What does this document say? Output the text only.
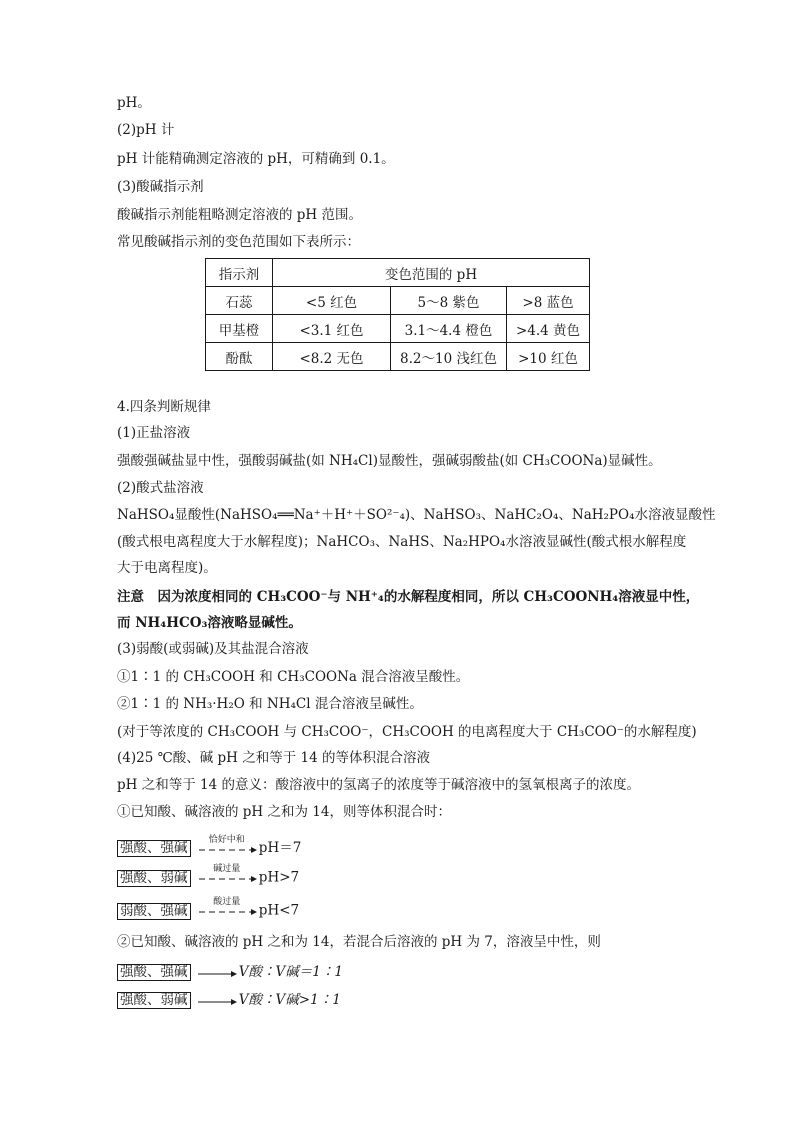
pH。
(2)pH 计
pH 计能精确测定溶液的 pH，可精确到 0.1。
(3)酸碱指示剂
酸碱指示剂能粗略测定溶液的 pH 范围。
常见酸碱指示剂的变色范围如下表所示：
指示剂	变色范围的 pH		
石蕊	<5 红色	5～8 紫色	>8 蓝色
甲基橙	<3.1 红色	3.1～4.4 橙色	>4.4 黄色
酚酞	<8.2 无色	8.2～10 浅红色	>10 红色
4.四条判断规律
(1)正盐溶液
强酸强碱盐显中性，强酸弱碱盐(如 NH₄Cl)显酸性，强碱弱酸盐(如 CH₃COONa)显碱性。
(2)酸式盐溶液
NaHSO₄显酸性(NaHSO₄══Na⁺＋H⁺＋SO²⁻₄)、NaHSO₃、NaHC₂O₄、NaH₂PO₄水溶液显酸性
(酸式根电离程度大于水解程度)；NaHCO₃、NaHS、Na₂HPO₄水溶液显碱性(酸式根水解程度
大于电离程度)。
注意　因为浓度相同的 CH₃COO⁻与 NH⁺₄的水解程度相同，所以 CH₃COONH₄溶液显中性，
而 NH₄HCO₃溶液略显碱性。
(3)弱酸(或弱碱)及其盐混合溶液
①1∶1 的 CH₃COOH 和 CH₃COONa 混合溶液呈酸性。
②1∶1 的 NH₃·H₂O 和 NH₄Cl 混合溶液呈碱性。
(对于等浓度的 CH₃COOH 与 CH₃COO⁻，CH₃COOH 的电离程度大于 CH₃COO⁻的水解程度)
(4)25 ℃酸、碱 pH 之和等于 14 的等体积混合溶液
pH 之和等于 14 的意义：酸溶液中的氢离子的浓度等于碱溶液中的氢氧根离子的浓度。
①已知酸、碱溶液的 pH 之和为 14，则等体积混合时：
强酸、强碱
恰好中和
pH＝7
强酸、弱碱
碱过量
pH>7
弱酸、强碱
酸过量
pH<7
②已知酸、碱溶液的 pH 之和为 14，若混合后溶液的 pH 为 7，溶液呈中性，则
强酸、强碱	V酸∶V碱＝1∶1
强酸、弱碱	V酸∶V碱>1∶1
